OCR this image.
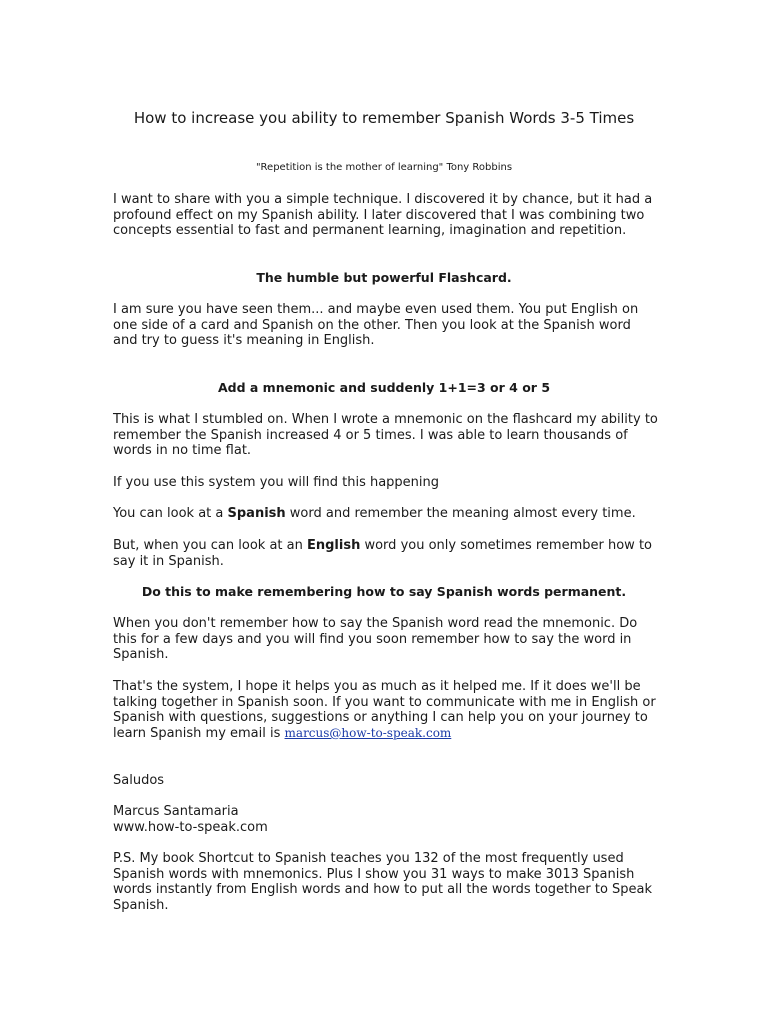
How to increase you ability to remember Spanish Words 3-5 Times

"Repetition is the mother of learning" Tony Robbins

I want to share with you a simple technique. I discovered it by chance, but it had a profound effect on my Spanish ability. I later discovered that I was combining two concepts essential to fast and permanent learning, imagination and repetition.

The humble but powerful Flashcard.

I am sure you have seen them... and maybe even used them. You put English on one side of a card and Spanish on the other. Then you look at the Spanish word and try to guess it's meaning in English.

Add a mnemonic and suddenly 1+1=3 or 4 or 5

This is what I stumbled on. When I wrote a mnemonic on the flashcard my ability to remember the Spanish increased 4 or 5 times. I was able to learn thousands of words in no time flat.

If you use this system you will find this happening

You can look at a Spanish word and remember the meaning almost every time.

But, when you can look at an English word you only sometimes remember how to say it in Spanish.

Do this to make remembering how to say Spanish words permanent.

When you don't remember how to say the Spanish word read the mnemonic. Do this for a few days and you will find you soon remember how to say the word in Spanish.

That's the system, I hope it helps you as much as it helped me. If it does we'll be talking together in Spanish soon. If you want to communicate with me in English or Spanish with questions, suggestions or anything I can help you on your journey to learn Spanish my email is marcus@how-to-speak.com

Saludos

Marcus Santamaria

www.how-to-speak.com

P.S. My book Shortcut to Spanish teaches you 132 of the most frequently used Spanish words with mnemonics. Plus I show you 31 ways to make 3013 Spanish words instantly from English words and how to put all the words together to Speak Spanish.
